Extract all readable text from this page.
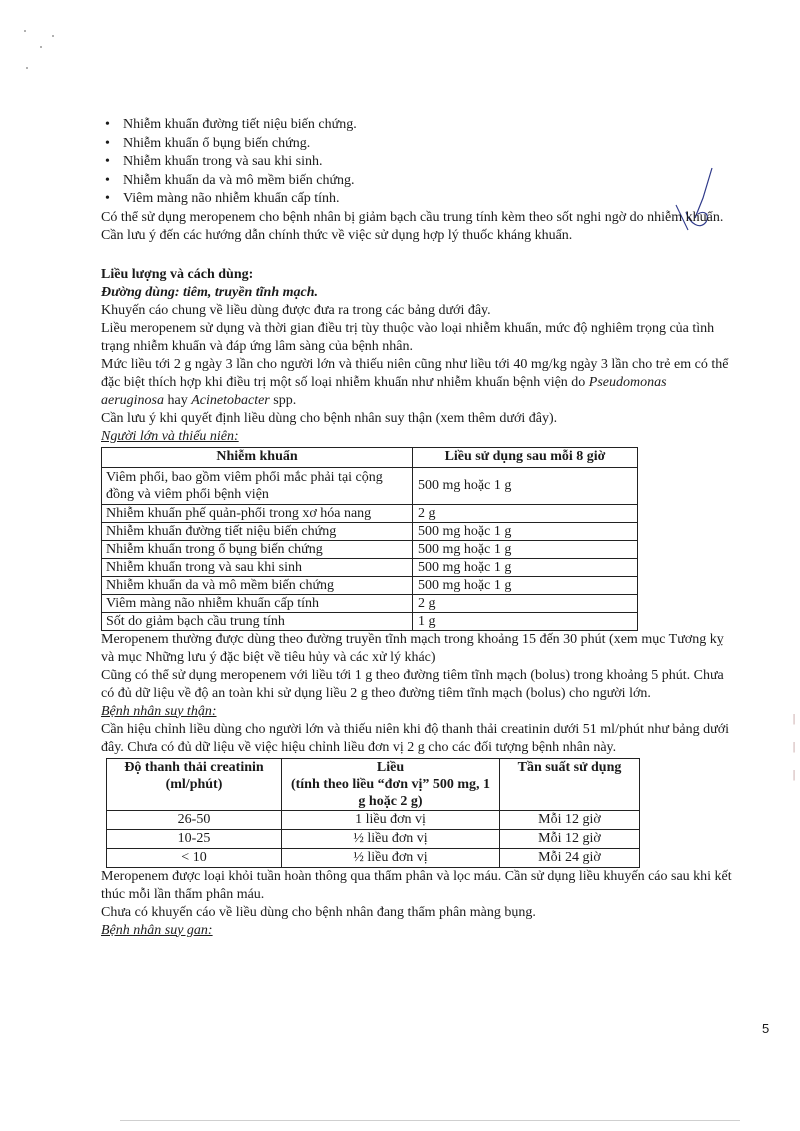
• Nhiễm khuẩn đường tiết niệu biến chứng.
• Nhiễm khuẩn ổ bụng biến chứng.
• Nhiễm khuẩn trong và sau khi sinh.
• Nhiễm khuẩn da và mô mềm biến chứng.
• Viêm màng não nhiễm khuẩn cấp tính.

Có thể sử dụng meropenem cho bệnh nhân bị giảm bạch cầu trung tính kèm theo sốt nghi ngờ do nhiễm khuẩn.

Cần lưu ý đến các hướng dẫn chính thức về việc sử dụng hợp lý thuốc kháng khuẩn.

Liều lượng và cách dùng:

Đường dùng: tiêm, truyền tĩnh mạch.

Khuyến cáo chung về liều dùng được đưa ra trong các bảng dưới đây.

Liều meropenem sử dụng và thời gian điều trị tùy thuộc vào loại nhiễm khuẩn, mức độ nghiêm trọng của tình trạng nhiễm khuẩn và đáp ứng lâm sàng của bệnh nhân.

Mức liều tới 2 g ngày 3 lần cho người lớn và thiếu niên cũng như liều tới 40 mg/kg ngày 3 lần cho trẻ em có thể đặc biệt thích hợp khi điều trị một số loại nhiễm khuẩn như nhiễm khuẩn bệnh viện do Pseudomonas aeruginosa hay Acinetobacter spp.

Cần lưu ý khi quyết định liều dùng cho bệnh nhân suy thận (xem thêm dưới đây).

Người lớn và thiếu niên:

Nhiễm khuẩn	Liều sử dụng sau mỗi 8 giờ
Viêm phổi, bao gồm viêm phổi mắc phải tại cộng đồng và viêm phổi bệnh viện	500 mg hoặc 1 g
Nhiễm khuẩn phế quản-phổi trong xơ hóa nang	2 g
Nhiễm khuẩn đường tiết niệu biến chứng	500 mg hoặc 1 g
Nhiễm khuẩn trong ổ bụng biến chứng	500 mg hoặc 1 g
Nhiễm khuẩn trong và sau khi sinh	500 mg hoặc 1 g
Nhiễm khuẩn da và mô mềm biến chứng	500 mg hoặc 1 g
Viêm màng não nhiễm khuẩn cấp tính	2 g
Sốt do giảm bạch cầu trung tính	1 g

Meropenem thường được dùng theo đường truyền tĩnh mạch trong khoảng 15 đến 30 phút (xem mục Tương kỵ và mục Những lưu ý đặc biệt về tiêu hủy và các xử lý khác)

Cũng có thể sử dụng meropenem với liều tới 1 g theo đường tiêm tĩnh mạch (bolus) trong khoảng 5 phút. Chưa có đủ dữ liệu về độ an toàn khi sử dụng liều 2 g theo đường tiêm tĩnh mạch (bolus) cho người lớn.

Bệnh nhân suy thận:

Cần hiệu chỉnh liều dùng cho người lớn và thiếu niên khi độ thanh thải creatinin dưới 51 ml/phút như bảng dưới đây. Chưa có đủ dữ liệu về việc hiệu chỉnh liều đơn vị 2 g cho các đối tượng bệnh nhân này.

Độ thanh thải creatinin
(ml/phút)	Liều
(tính theo liều “đơn vị” 500 mg, 1 g hoặc 2 g)	Tần suất sử dụng
26-50	1 liều đơn vị	Mỗi 12 giờ
10-25	½ liều đơn vị	Mỗi 12 giờ
< 10	½ liều đơn vị	Mỗi 24 giờ

Meropenem được loại khỏi tuần hoàn thông qua thẩm phân và lọc máu. Cần sử dụng liều khuyến cáo sau khi kết thúc mỗi lần thẩm phân máu.

Chưa có khuyến cáo về liều dùng cho bệnh nhân đang thẩm phân màng bụng.

Bệnh nhân suy gan:

|
|
|
5
